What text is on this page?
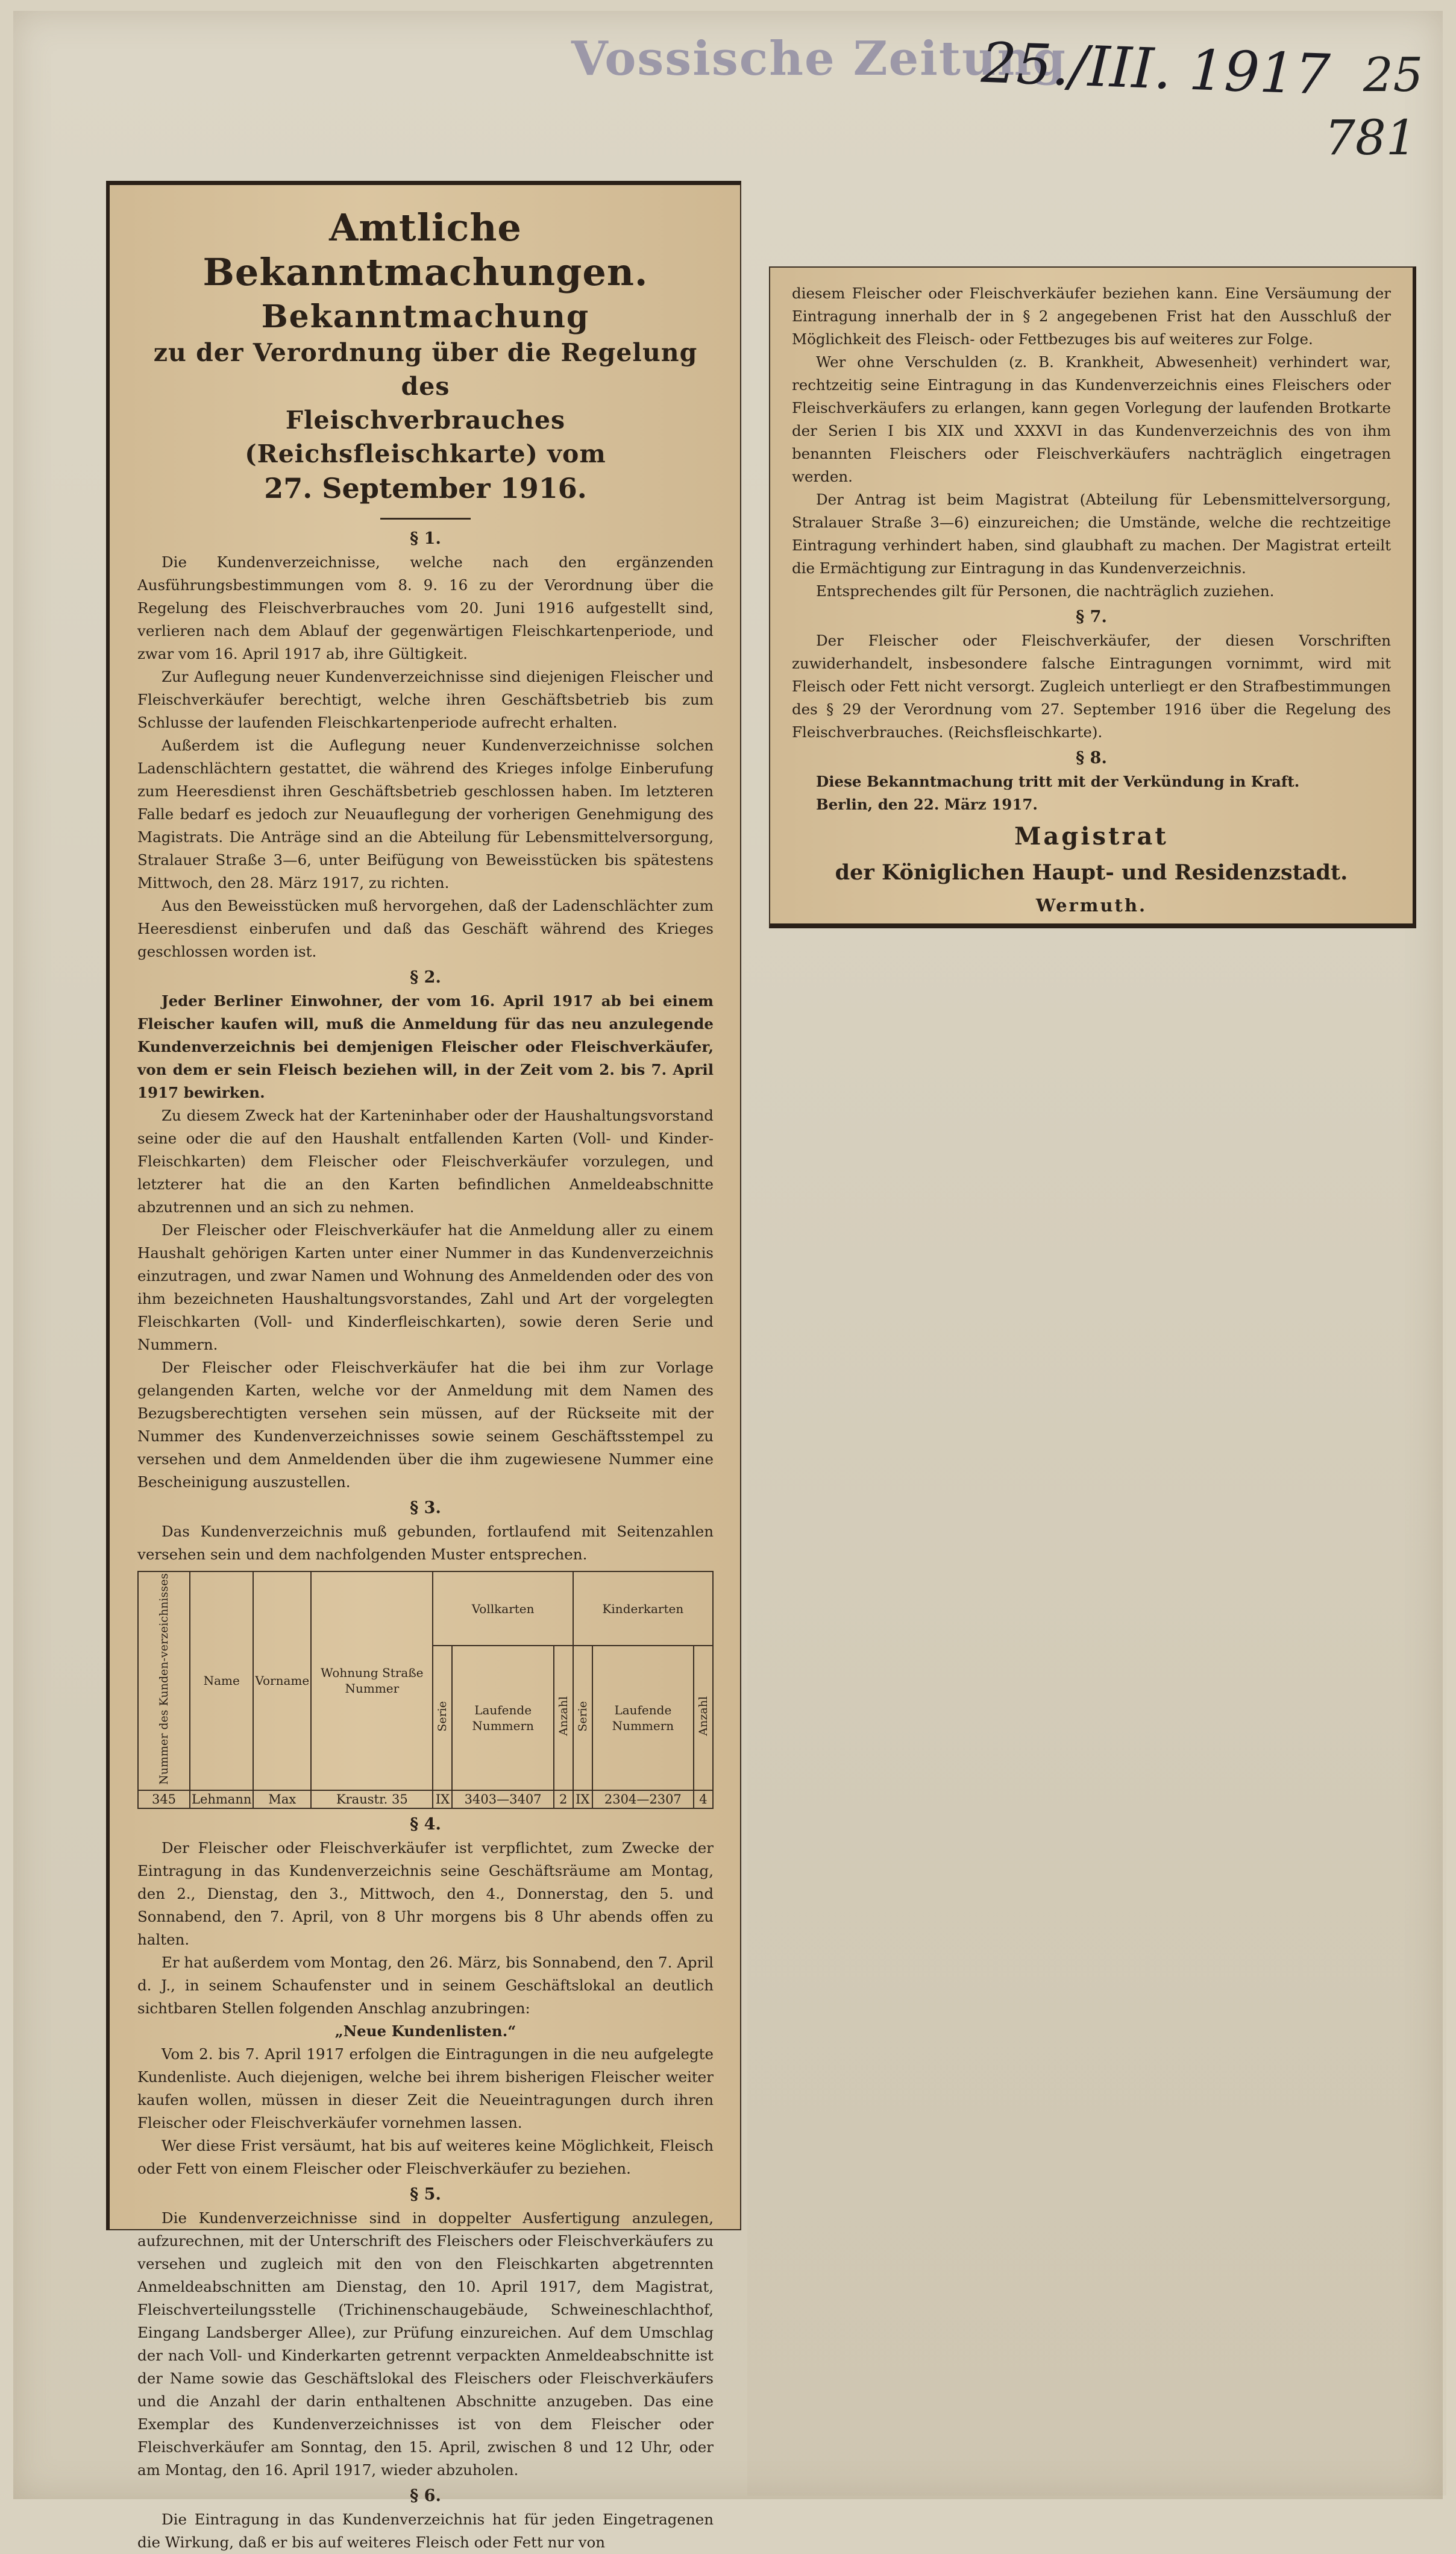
Vossische Zeitung
25./III. 1917 25
781
Amtliche Bekanntmachungen.
Bekanntmachung
zu der Verordnung über die Regelung des
Fleischverbrauches (Reichsfleischkarte) vom
27. September 1916.
§ 1.

Die Kundenverzeichnisse, welche nach den ergänzenden Ausführungsbestimmungen vom 8. 9. 16 zu der Verordnung über die Regelung des Fleischverbrauches vom 20. Juni 1916 aufgestellt sind, verlieren nach dem Ablauf der gegenwärtigen Fleischkartenperiode, und zwar vom 16. April 1917 ab, ihre Gültigkeit.

Zur Auflegung neuer Kundenverzeichnisse sind diejenigen Fleischer und Fleischverkäufer berechtigt, welche ihren Geschäftsbetrieb bis zum Schlusse der laufenden Fleischkartenperiode aufrecht erhalten.

Außerdem ist die Auflegung neuer Kundenverzeichnisse solchen Ladenschlächtern gestattet, die während des Krieges infolge Einberufung zum Heeresdienst ihren Geschäftsbetrieb geschlossen haben. Im letzteren Falle bedarf es jedoch zur Neuauflegung der vorherigen Genehmigung des Magistrats. Die Anträge sind an die Abteilung für Lebensmittelversorgung, Stralauer Straße 3—6, unter Beifügung von Beweisstücken bis spätestens Mittwoch, den 28. März 1917, zu richten.

Aus den Beweisstücken muß hervorgehen, daß der Ladenschlächter zum Heeresdienst einberufen und daß das Geschäft während des Krieges geschlossen worden ist.

§ 2.

Jeder Berliner Einwohner, der vom 16. April 1917 ab bei einem Fleischer kaufen will, muß die Anmeldung für das neu anzulegende Kundenverzeichnis bei demjenigen Fleischer oder Fleischverkäufer, von dem er sein Fleisch beziehen will, in der Zeit vom 2. bis 7. April 1917 bewirken.

Zu diesem Zweck hat der Karteninhaber oder der Haushaltungsvorstand seine oder die auf den Haushalt entfallenden Karten (Voll- und Kinder-Fleischkarten) dem Fleischer oder Fleischverkäufer vorzulegen, und letzterer hat die an den Karten befindlichen Anmeldeabschnitte abzutrennen und an sich zu nehmen.

Der Fleischer oder Fleischverkäufer hat die Anmeldung aller zu einem Haushalt gehörigen Karten unter einer Nummer in das Kundenverzeichnis einzutragen, und zwar Namen und Wohnung des Anmeldenden oder des von ihm bezeichneten Haushaltungsvorstandes, Zahl und Art der vorgelegten Fleischkarten (Voll- und Kinderfleischkarten), sowie deren Serie und Nummern.

Der Fleischer oder Fleischverkäufer hat die bei ihm zur Vorlage gelangenden Karten, welche vor der Anmeldung mit dem Namen des Bezugsberechtigten versehen sein müssen, auf der Rückseite mit der Nummer des Kundenverzeichnisses sowie seinem Geschäftsstempel zu versehen und dem Anmeldenden über die ihm zugewiesene Nummer eine Bescheinigung auszustellen.

§ 3.

Das Kundenverzeichnis muß gebunden, fortlaufend mit Seitenzahlen versehen sein und dem nachfolgenden Muster entsprechen.

Nummer des Kunden-verzeichnisses	Name	Vorname	Wohnung Straße Nummer	Vollkarten			Kinderkarten		
				Serie	Laufende Nummern	Anzahl	Serie	Laufende Nummern	Anzahl
345	Lehmann	Max	Kraustr. 35	IX	3403—3407	2	IX	2304—2307	4
§ 4.

Der Fleischer oder Fleischverkäufer ist verpflichtet, zum Zwecke der Eintragung in das Kundenverzeichnis seine Geschäftsräume am Montag, den 2., Dienstag, den 3., Mittwoch, den 4., Donnerstag, den 5. und Sonnabend, den 7. April, von 8 Uhr morgens bis 8 Uhr abends offen zu halten.

Er hat außerdem vom Montag, den 26. März, bis Sonnabend, den 7. April d. J., in seinem Schaufenster und in seinem Geschäftslokal an deutlich sichtbaren Stellen folgenden Anschlag anzubringen:

„Neue Kundenlisten.“

Vom 2. bis 7. April 1917 erfolgen die Eintragungen in die neu aufgelegte Kundenliste. Auch diejenigen, welche bei ihrem bisherigen Fleischer weiter kaufen wollen, müssen in dieser Zeit die Neueintragungen durch ihren Fleischer oder Fleischverkäufer vornehmen lassen.

Wer diese Frist versäumt, hat bis auf weiteres keine Möglichkeit, Fleisch oder Fett von einem Fleischer oder Fleischverkäufer zu beziehen.

§ 5.

Die Kundenverzeichnisse sind in doppelter Ausfertigung anzulegen, aufzurechnen, mit der Unterschrift des Fleischers oder Fleischverkäufers zu versehen und zugleich mit den von den Fleischkarten abgetrennten Anmeldeabschnitten am Dienstag, den 10. April 1917, dem Magistrat, Fleischverteilungsstelle (Trichinenschaugebäude, Schweineschlachthof, Eingang Landsberger Allee), zur Prüfung einzureichen. Auf dem Umschlag der nach Voll- und Kinderkarten getrennt verpackten Anmeldeabschnitte ist der Name sowie das Geschäftslokal des Fleischers oder Fleischverkäufers und die Anzahl der darin enthaltenen Abschnitte anzugeben. Das eine Exemplar des Kundenverzeichnisses ist von dem Fleischer oder Fleischverkäufer am Sonntag, den 15. April, zwischen 8 und 12 Uhr, oder am Montag, den 16. April 1917, wieder abzuholen.

§ 6.

Die Eintragung in das Kundenverzeichnis hat für jeden Eingetragenen die Wirkung, daß er bis auf weiteres Fleisch oder Fett nur von

diesem Fleischer oder Fleischverkäufer beziehen kann. Eine Versäumung der Eintragung innerhalb der in § 2 angegebenen Frist hat den Ausschluß der Möglichkeit des Fleisch- oder Fettbezuges bis auf weiteres zur Folge.

Wer ohne Verschulden (z. B. Krankheit, Abwesenheit) verhindert war, rechtzeitig seine Eintragung in das Kundenverzeichnis eines Fleischers oder Fleischverkäufers zu erlangen, kann gegen Vorlegung der laufenden Brotkarte der Serien I bis XIX und XXXVI in das Kundenverzeichnis des von ihm benannten Fleischers oder Fleischverkäufers nachträglich eingetragen werden.

Der Antrag ist beim Magistrat (Abteilung für Lebensmittelversorgung, Stralauer Straße 3—6) einzureichen; die Umstände, welche die rechtzeitige Eintragung verhindert haben, sind glaubhaft zu machen. Der Magistrat erteilt die Ermächtigung zur Eintragung in das Kundenverzeichnis.

Entsprechendes gilt für Personen, die nachträglich zuziehen.

§ 7.

Der Fleischer oder Fleischverkäufer, der diesen Vorschriften zuwiderhandelt, insbesondere falsche Eintragungen vornimmt, wird mit Fleisch oder Fett nicht versorgt. Zugleich unterliegt er den Strafbestimmungen des § 29 der Verordnung vom 27. September 1916 über die Regelung des Fleischverbrauches. (Reichsfleischkarte).

§ 8.

Diese Bekanntmachung tritt mit der Verkündung in Kraft.

Berlin, den 22. März 1917.

Magistrat
der Königlichen Haupt- und Residenzstadt.
Wermuth.
